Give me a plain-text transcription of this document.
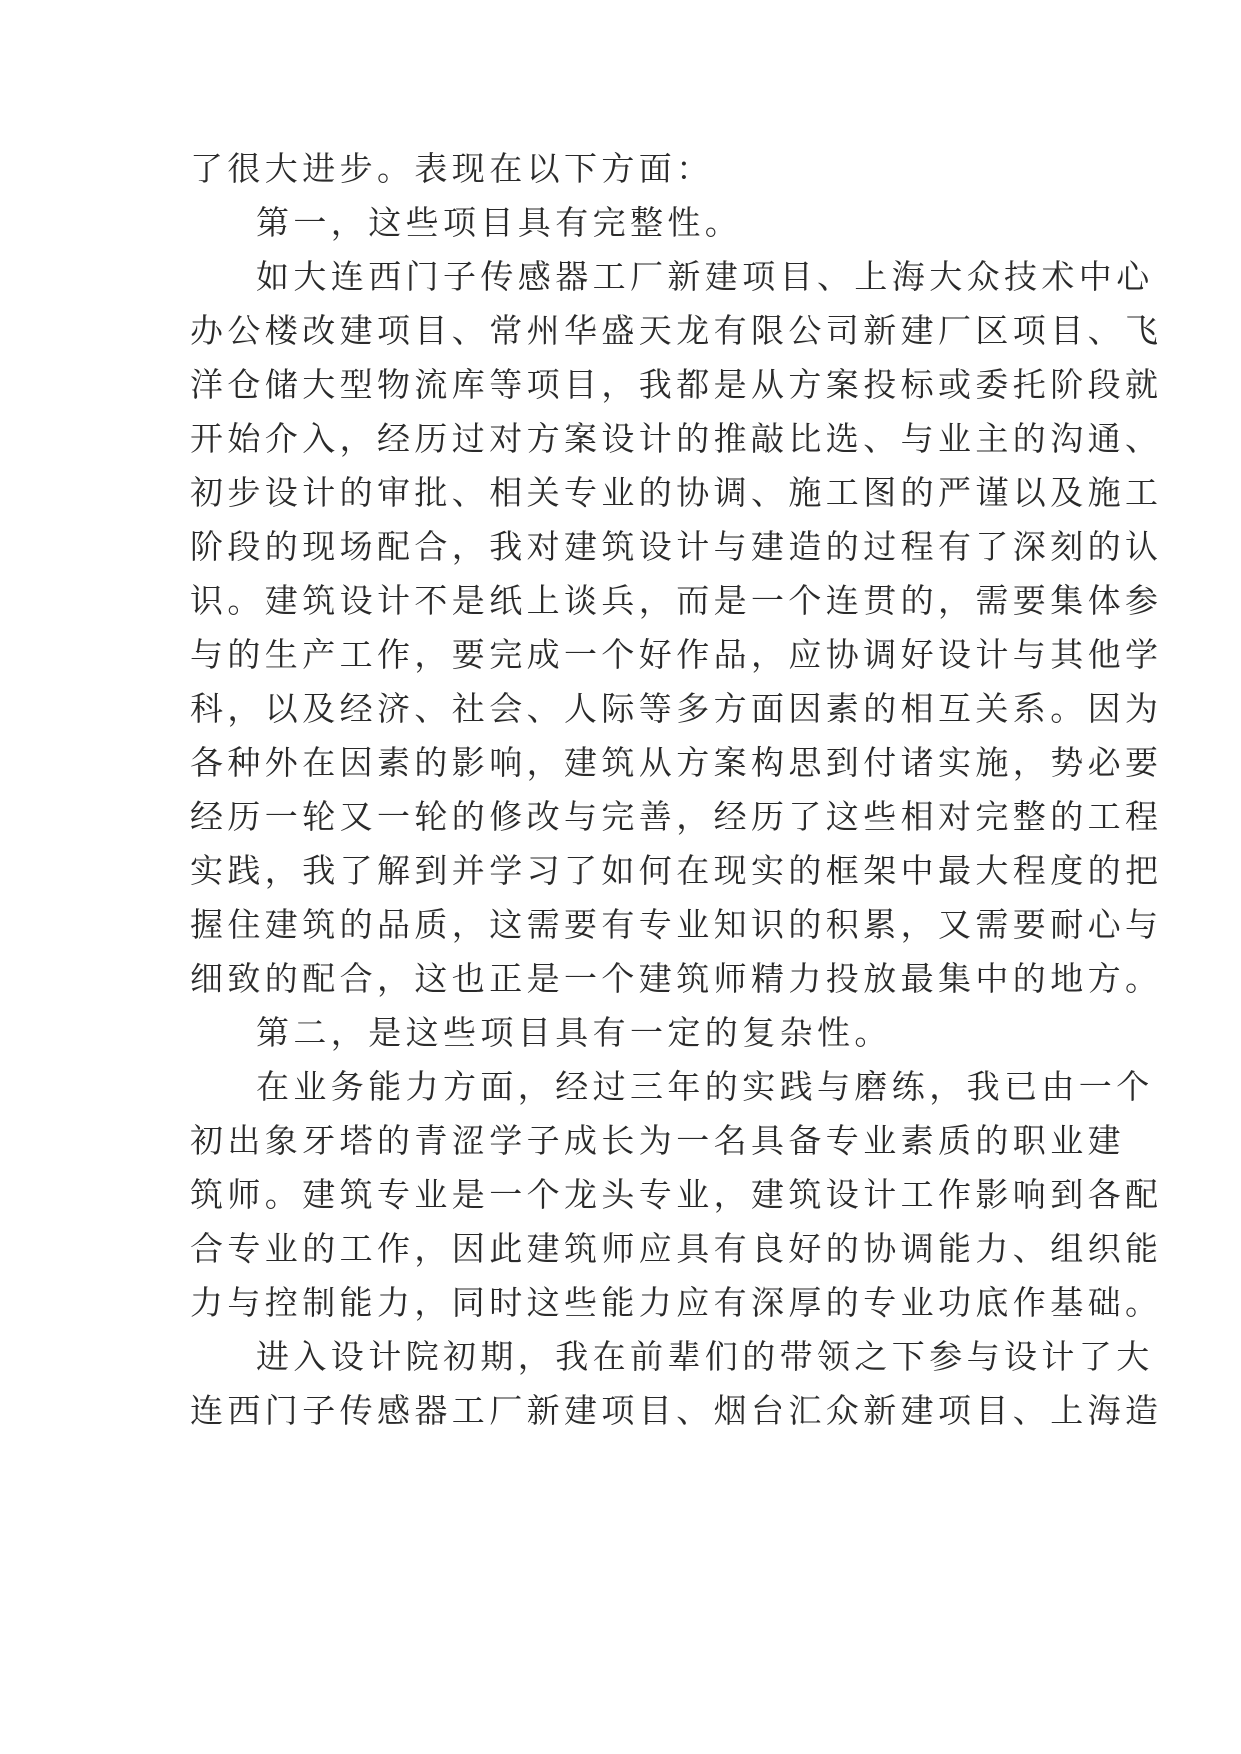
了很大进步。表现在以下方面：
第一，这些项目具有完整性。
如大连西门子传感器工厂新建项目、上海大众技术中心
办公楼改建项目、常州华盛天龙有限公司新建厂区项目、飞
洋仓储大型物流库等项目，我都是从方案投标或委托阶段就
开始介入，经历过对方案设计的推敲比选、与业主的沟通、
初步设计的审批、相关专业的协调、施工图的严谨以及施工
阶段的现场配合，我对建筑设计与建造的过程有了深刻的认
识。建筑设计不是纸上谈兵，而是一个连贯的，需要集体参
与的生产工作，要完成一个好作品，应协调好设计与其他学
科，以及经济、社会、人际等多方面因素的相互关系。因为
各种外在因素的影响，建筑从方案构思到付诸实施，势必要
经历一轮又一轮的修改与完善，经历了这些相对完整的工程
实践，我了解到并学习了如何在现实的框架中最大程度的把
握住建筑的品质，这需要有专业知识的积累，又需要耐心与
细致的配合，这也正是一个建筑师精力投放最集中的地方。
第二，是这些项目具有一定的复杂性。
在业务能力方面，经过三年的实践与磨练，我已由一个
初出象牙塔的青涩学子成长为一名具备专业素质的职业建
筑师。建筑专业是一个龙头专业，建筑设计工作影响到各配
合专业的工作，因此建筑师应具有良好的协调能力、组织能
力与控制能力，同时这些能力应有深厚的专业功底作基础。
进入设计院初期，我在前辈们的带领之下参与设计了大
连西门子传感器工厂新建项目、烟台汇众新建项目、上海造
